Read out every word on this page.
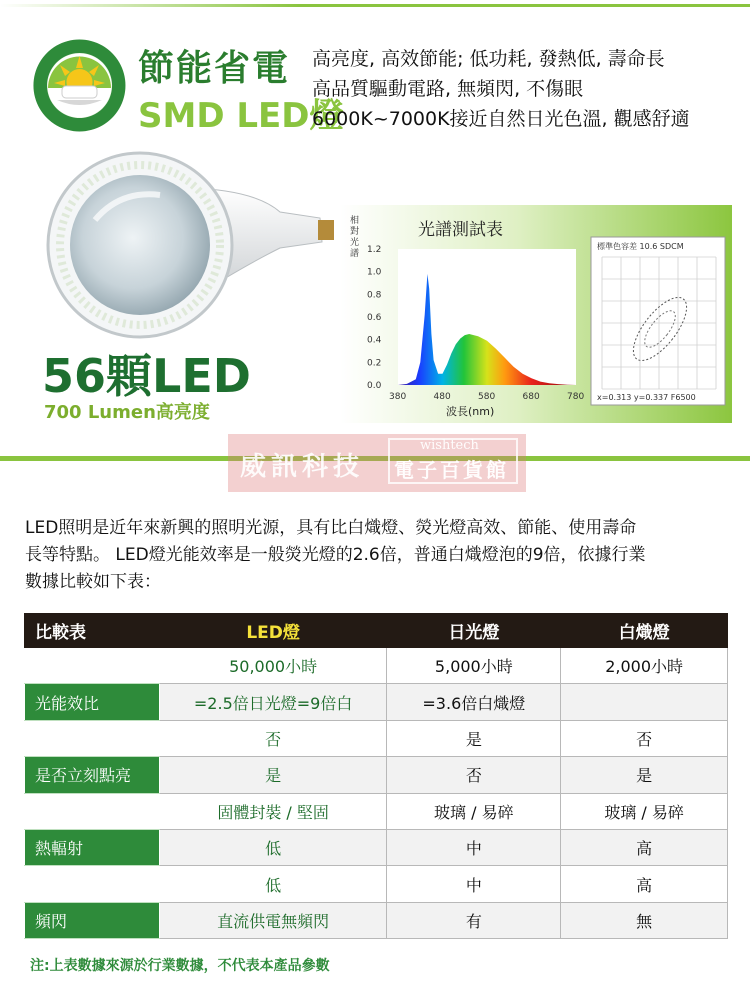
節能省電
SMD LED燈
高亮度, 高效節能; 低功耗, 發熱低, 壽命長
高品質驅動電路, 無頻閃, 不傷眼
6000K~7000K接近自然日光色溫, 觀感舒適
56顆LED
700 Lumen高亮度
光譜測試表
相
對
光
譜
0.0
0.2
0.4
0.6
0.8
1.0
1.2
380	480	580	680	780
波長(nm)
標準色容差 10.6 SDCM
x=0.313 y=0.337 F6500
威訊科技
wishtech
電子百貨館
LED照明是近年來新興的照明光源，具有比白熾燈、熒光燈高效、節能、使用壽命
長等特點。 LED燈光能效率是一般熒光燈的2.6倍，普通白熾燈泡的9倍，依據行業
數據比較如下表：
比較表	LED燈	日光燈	白熾燈
平均使用壽命	50,000小時	5,000小時	2,000小時
光能效比	=2.5倍日光燈=9倍白	=3.6倍白熾燈	
是否含汞	否	是	否
是否立刻點亮	是	否	是
安全性	固體封裝 / 堅固	玻璃 / 易碎	玻璃 / 易碎
熱輻射	低	中	高
電磁波	低	中	高
頻閃	直流供電無頻閃	有	無
注:上表數據來源於行業數據，不代表本產品參數
